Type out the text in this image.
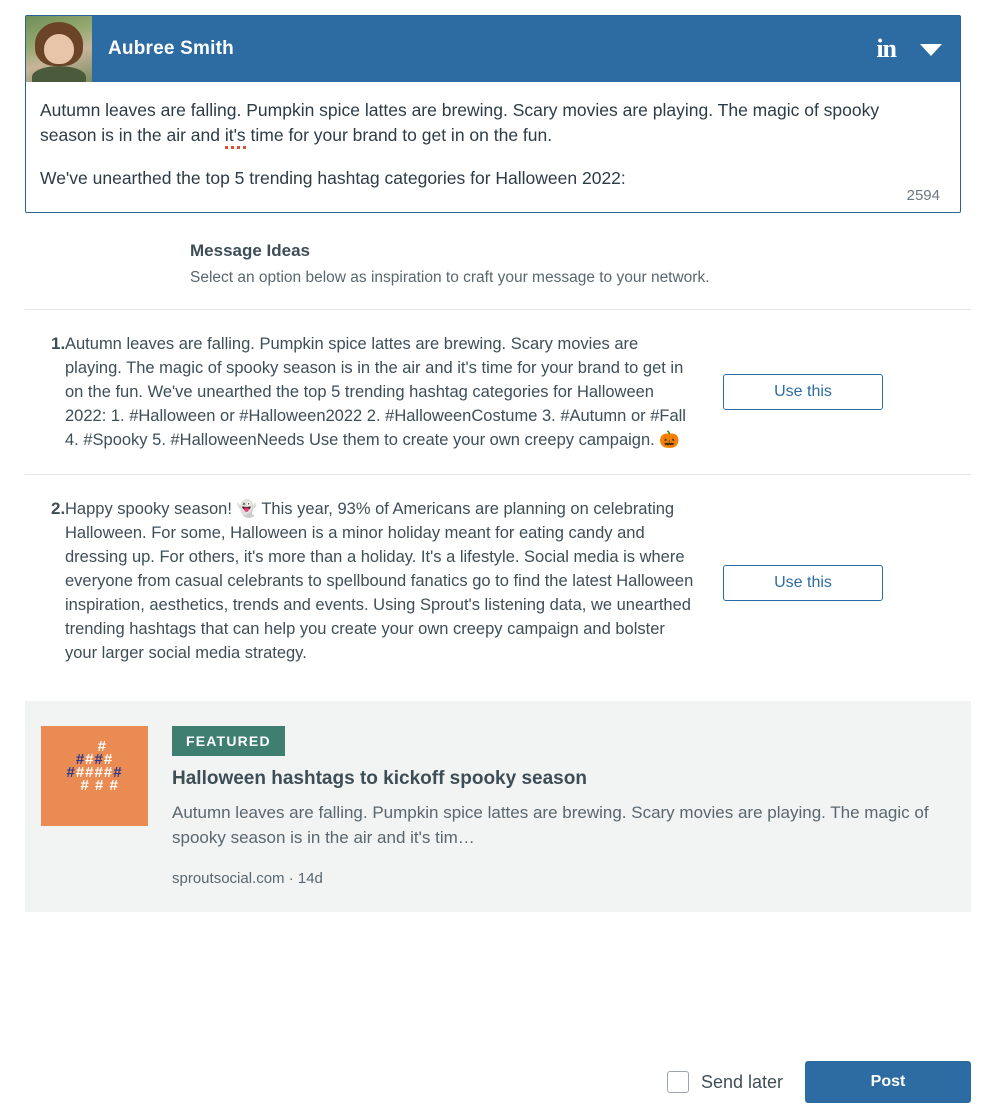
Aubree Smith	in

Autumn leaves are falling. Pumpkin spice lattes are brewing. Scary movies are playing. The magic of spooky season is in the air and it's time for your brand to get in on the fun.

We've unearthed the top 5 trending hashtag categories for Halloween 2022:

2594

Message Ideas

Select an option below as inspiration to craft your message to your network.

1. Autumn leaves are falling. Pumpkin spice lattes are brewing. Scary movies are playing. The magic of spooky season is in the air and it's time for your brand to get in on the fun. We've unearthed the top 5 trending hashtag categories for Halloween 2022: 1. #Halloween or #Halloween2022 2. #HalloweenCostume 3. #Autumn or #Fall 4. #Spooky 5. #HalloweenNeeds Use them to create your own creepy campaign. 🎃
Use this
2. Happy spooky season! 👻 This year, 93% of Americans are planning on celebrating Halloween. For some, Halloween is a minor holiday meant for eating candy and dressing up. For others, it's more than a holiday. It's a lifestyle. Social media is where everyone from casual celebrants to spellbound fanatics go to find the latest Halloween inspiration, aesthetics, trends and events. Using Sprout's listening data, we unearthed trending hashtags that can help you create your own creepy campaign and bolster your larger social media strategy.
Use this
#
####
######
# # #
FEATURED
Halloween hashtags to kickoff spooky season
Autumn leaves are falling. Pumpkin spice lattes are brewing. Scary movies are playing. The magic of spooky season is in the air and it's tim…
sproutsocial.com · 14d
Send later	Post
